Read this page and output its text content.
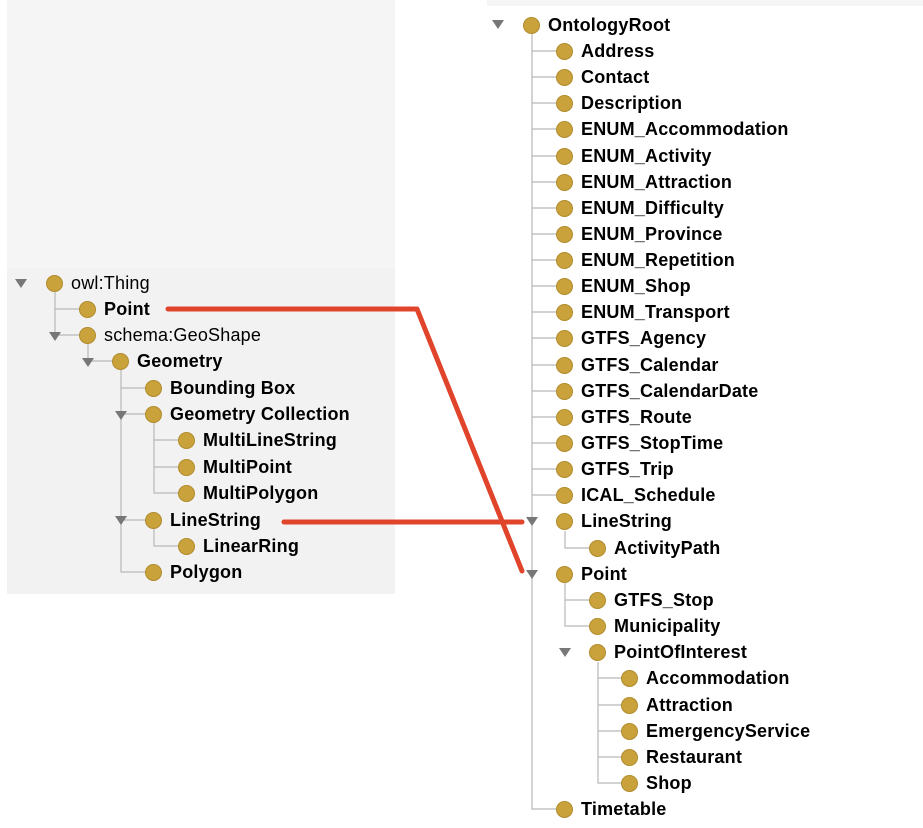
owl:Thing
Point
schema:GeoShape
Geometry
Bounding Box
Geometry Collection
MultiLineString
MultiPoint
MultiPolygon
LineString
LinearRing
Polygon
OntologyRoot
Address
Contact
Description
ENUM_Accommodation
ENUM_Activity
ENUM_Attraction
ENUM_Difficulty
ENUM_Province
ENUM_Repetition
ENUM_Shop
ENUM_Transport
GTFS_Agency
GTFS_Calendar
GTFS_CalendarDate
GTFS_Route
GTFS_StopTime
GTFS_Trip
ICAL_Schedule
LineString
ActivityPath
Point
GTFS_Stop
Municipality
PointOfInterest
Accommodation
Attraction
EmergencyService
Restaurant
Shop
Timetable
